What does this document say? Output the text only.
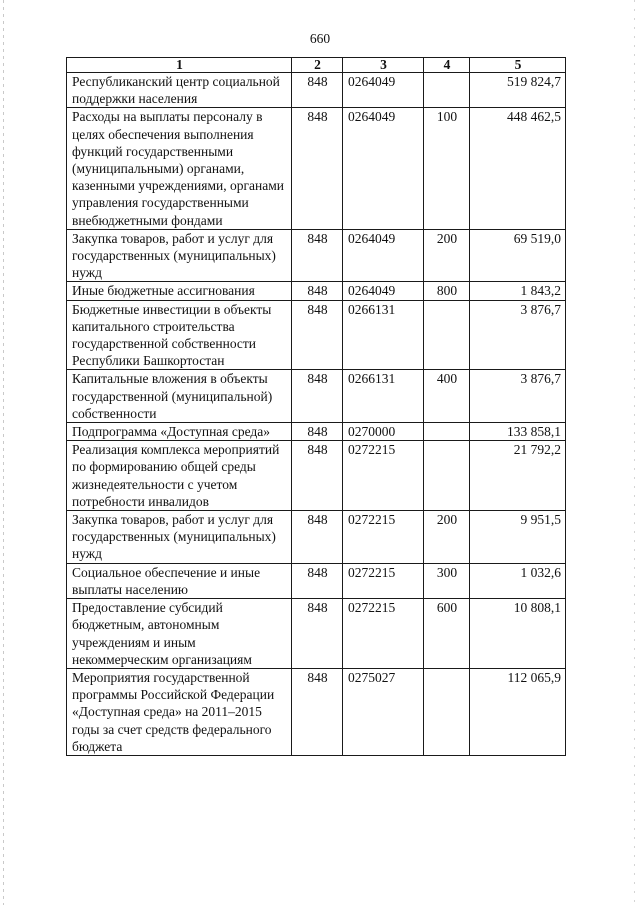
660
1	2	3	4	5
Республиканский центр социальной поддержки населения	848	0264049		519 824,7
Расходы на выплаты персоналу в целях обеспечения выполнения функций государственными (муниципальными) органами, казенными учреждениями, органами управления государственными внебюджетными фондами	848	0264049	100	448 462,5
Закупка товаров, работ и услуг для государственных (муниципальных) нужд	848	0264049	200	69 519,0
Иные бюджетные ассигнования	848	0264049	800	1 843,2
Бюджетные инвестиции в объекты капитального строительства государственной собственности Республики Башкортостан	848	0266131		3 876,7
Капитальные вложения в объекты государственной (муниципальной) собственности	848	0266131	400	3 876,7
Подпрограмма «Доступная среда»	848	0270000		133 858,1
Реализация комплекса мероприятий по формированию общей среды жизнедеятельности с учетом потребности инвалидов	848	0272215		21 792,2
Закупка товаров, работ и услуг для государственных (муниципальных) нужд	848	0272215	200	9 951,5
Социальное обеспечение и иные выплаты населению	848	0272215	300	1 032,6
Предоставление субсидий бюджетным, автономным учреждениям и иным некоммерческим организациям	848	0272215	600	10 808,1
Мероприятия государственной программы Российской Федерации «Доступная среда» на 2011–2015 годы за счет средств федерального бюджета	848	0275027		112 065,9
